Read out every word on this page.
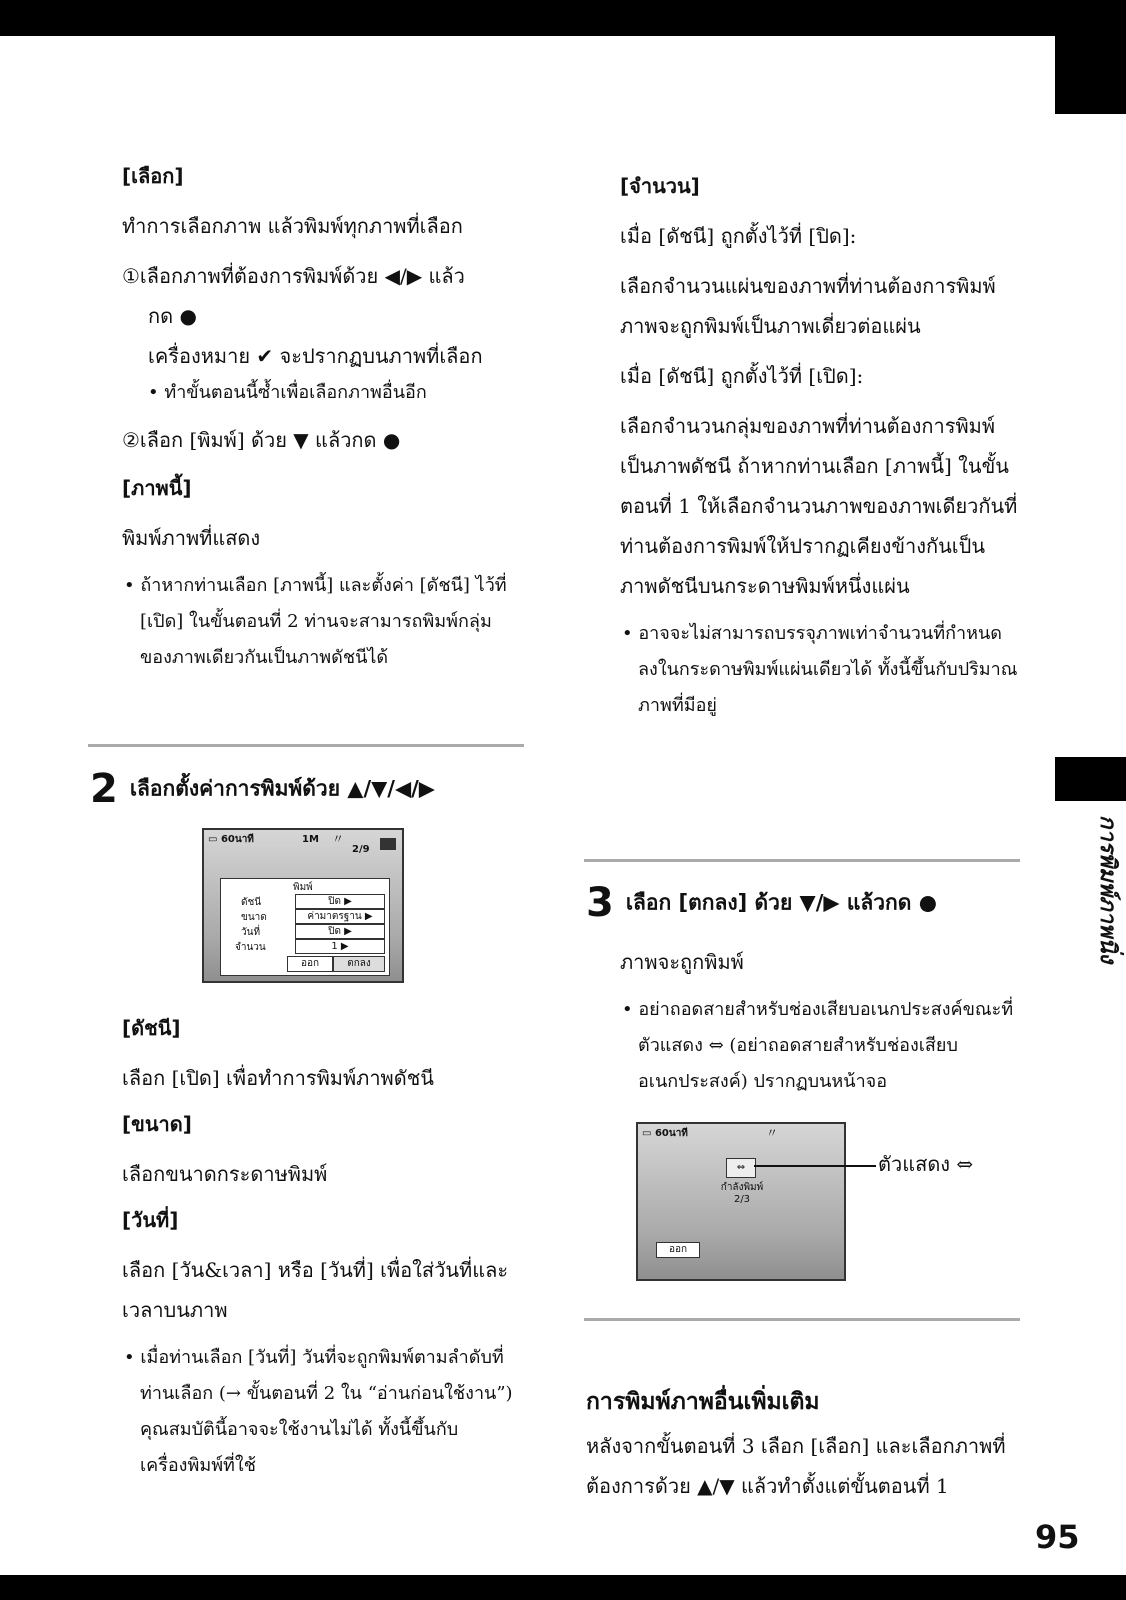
การพิมพ์ภาพนิ่ง
95
[เลือก]
ทำการเลือกภาพ แล้วพิมพ์ทุกภาพที่เลือก
①เลือกภาพที่ต้องการพิมพ์ด้วย ◀/▶ แล้ว
กด ●
เครื่องหมาย ✔ จะปรากฏบนภาพที่เลือก
• ทำขั้นตอนนี้ซ้ำเพื่อเลือกภาพอื่นอีก
②เลือก [พิมพ์] ด้วย ▼ แล้วกด ●
[ภาพนี้]
พิมพ์ภาพที่แสดง
• ถ้าหากท่านเลือก [ภาพนี้] และตั้งค่า [ดัชนี] ไว้ที่ [เปิด] ในขั้นตอนที่ 2 ท่านจะสามารถพิมพ์กลุ่มของภาพเดียวกันเป็นภาพดัชนีได้
2 เลือกตั้งค่าการพิมพ์ด้วย ▲/▼/◀/▶
▭ 60นาที	1M 〃
2/9
พิมพ์
ดัชนี	ปิด ▶
ขนาด	ค่ามาตรฐาน ▶
วันที่	ปิด ▶
จำนวน	1 ▶
ออก	ตกลง
[ดัชนี]
เลือก [เปิด] เพื่อทำการพิมพ์ภาพดัชนี
[ขนาด]
เลือกขนาดกระดาษพิมพ์
[วันที่]
เลือก [วัน&เวลา] หรือ [วันที่] เพื่อใส่วันที่และเวลาบนภาพ
• เมื่อท่านเลือก [วันที่] วันที่จะถูกพิมพ์ตามลำดับที่ท่านเลือก (→ ขั้นตอนที่ 2 ใน “อ่านก่อนใช้งาน”) คุณสมบัตินี้อาจจะใช้งานไม่ได้ ทั้งนี้ขึ้นกับเครื่องพิมพ์ที่ใช้
[จำนวน]
เมื่อ [ดัชนี] ถูกตั้งไว้ที่ [ปิด]:
เลือกจำนวนแผ่นของภาพที่ท่านต้องการพิมพ์ ภาพจะถูกพิมพ์เป็นภาพเดี่ยวต่อแผ่น
เมื่อ [ดัชนี] ถูกตั้งไว้ที่ [เปิด]:
เลือกจำนวนกลุ่มของภาพที่ท่านต้องการพิมพ์เป็นภาพดัชนี ถ้าหากท่านเลือก [ภาพนี้] ในขั้นตอนที่ 1 ให้เลือกจำนวนภาพของภาพเดียวกันที่ท่านต้องการพิมพ์ให้ปรากฏเคียงข้างกันเป็นภาพดัชนีบนกระดาษพิมพ์หนึ่งแผ่น
• อาจจะไม่สามารถบรรจุภาพเท่าจำนวนที่กำหนดลงในกระดาษพิมพ์แผ่นเดียวได้ ทั้งนี้ขึ้นกับปริมาณภาพที่มีอยู่
3 เลือก [ตกลง] ด้วย ▼/▶ แล้วกด ●
ภาพจะถูกพิมพ์
• อย่าถอดสายสำหรับช่องเสียบอเนกประสงค์ขณะที่ตัวแสดง ⇔ (อย่าถอดสายสำหรับช่องเสียบอเนกประสงค์) ปรากฏบนหน้าจอ
▭ 60นาที	〃
⇔
กำลังพิมพ์
2/3
ออก
ตัวแสดง ⇔
การพิมพ์ภาพอื่นเพิ่มเติม
หลังจากขั้นตอนที่ 3 เลือก [เลือก] และเลือกภาพที่ต้องการด้วย ▲/▼ แล้วทำตั้งแต่ขั้นตอนที่ 1
